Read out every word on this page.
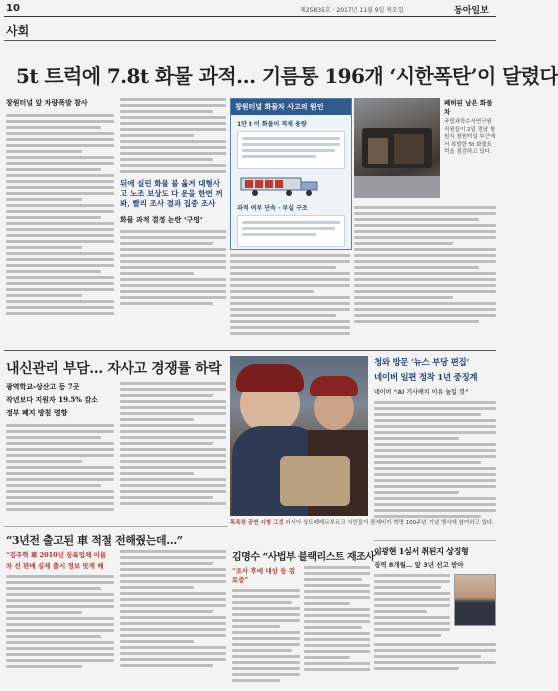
10	제25835호 · 2017년 11월 9일 목요일	동아일보
사회
5t 트럭에 7.8t 화물 과적… 기름통 196개 ‘시한폭탄’이 달렸다
창원터널 앞 차량폭발 참사
뒤에 실린 화물 불 옮겨 대형사고 노조 보상도 다 운을 한번 꺼봐, 빨리 조사 결과 집중 조사
화물 과적 결정 논란 ‘구멍’
창원터널 화물차 사고의 원인
1만 t 이 화물이 적재 용량
과적 여부 단속 · 부실 구조
폐허된 남은 화물차
국립과학수사연구원 직원들이 2일 경남 창원시 창원터널 부근에서 폭발한 5t 화물트럭을 점검하고 있다.
내신관리 부담… 자사고 경쟁률 하락
광역학교-상산고 등 7곳
작년보다 지원자 19.5% 감소
정부 폐지 방침 영향
“3년전 출고된 車 적절 전해줬는데…”
“김주혁 車 2010년 등록업체 이름
차 선 판매 실제 출시 정보 맞게 해
목욕장 공연 시청 그것 러시아 상트페테르부르크 시민들이 볼셰비키 혁명 100주년 기념 행사에 참여하고 있다.
청와 방문 ‘뉴스 부당 편집’
네이버 일편 정착 1년 중징계
네이버 “AI 기사배치 이유 높일 것”
이광현 1심서 취된지 상징형
징역 8개월… 앞 3년 선고 받아
김명수 “사법부 블랙리스트 재조사”
“조사 후에 대상 등 검토중”
